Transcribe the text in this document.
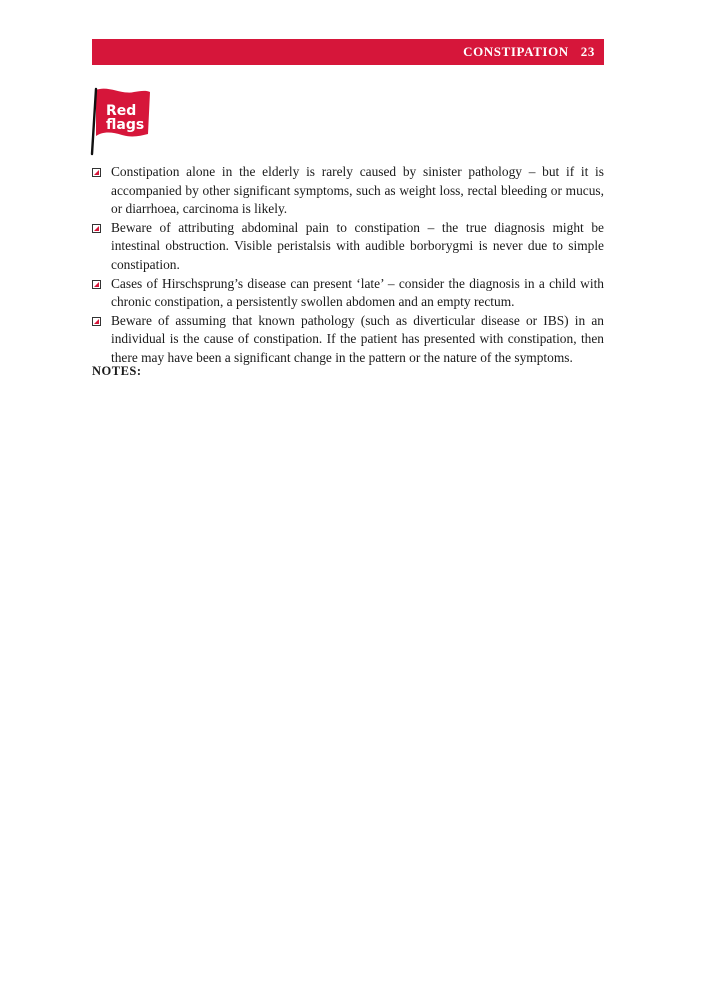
CONSTIPATION 23
Red
flags
Constipation alone in the elderly is rarely caused by sinister pathology – but if it is accompanied by other significant symptoms, such as weight loss, rectal bleeding or mucus, or diarrhoea, carcinoma is likely.
Beware of attributing abdominal pain to constipation – the true diagnosis might be intestinal obstruction. Visible peristalsis with audible borborygmi is never due to simple constipation.
Cases of Hirschsprung’s disease can present ‘late’ – consider the diagnosis in a child with chronic constipation, a persistently swollen abdomen and an empty rectum.
Beware of assuming that known pathology (such as diverticular disease or IBS) in an individual is the cause of constipation. If the patient has presented with constipation, then there may have been a significant change in the pattern or the nature of the symptoms.
NOTES:
